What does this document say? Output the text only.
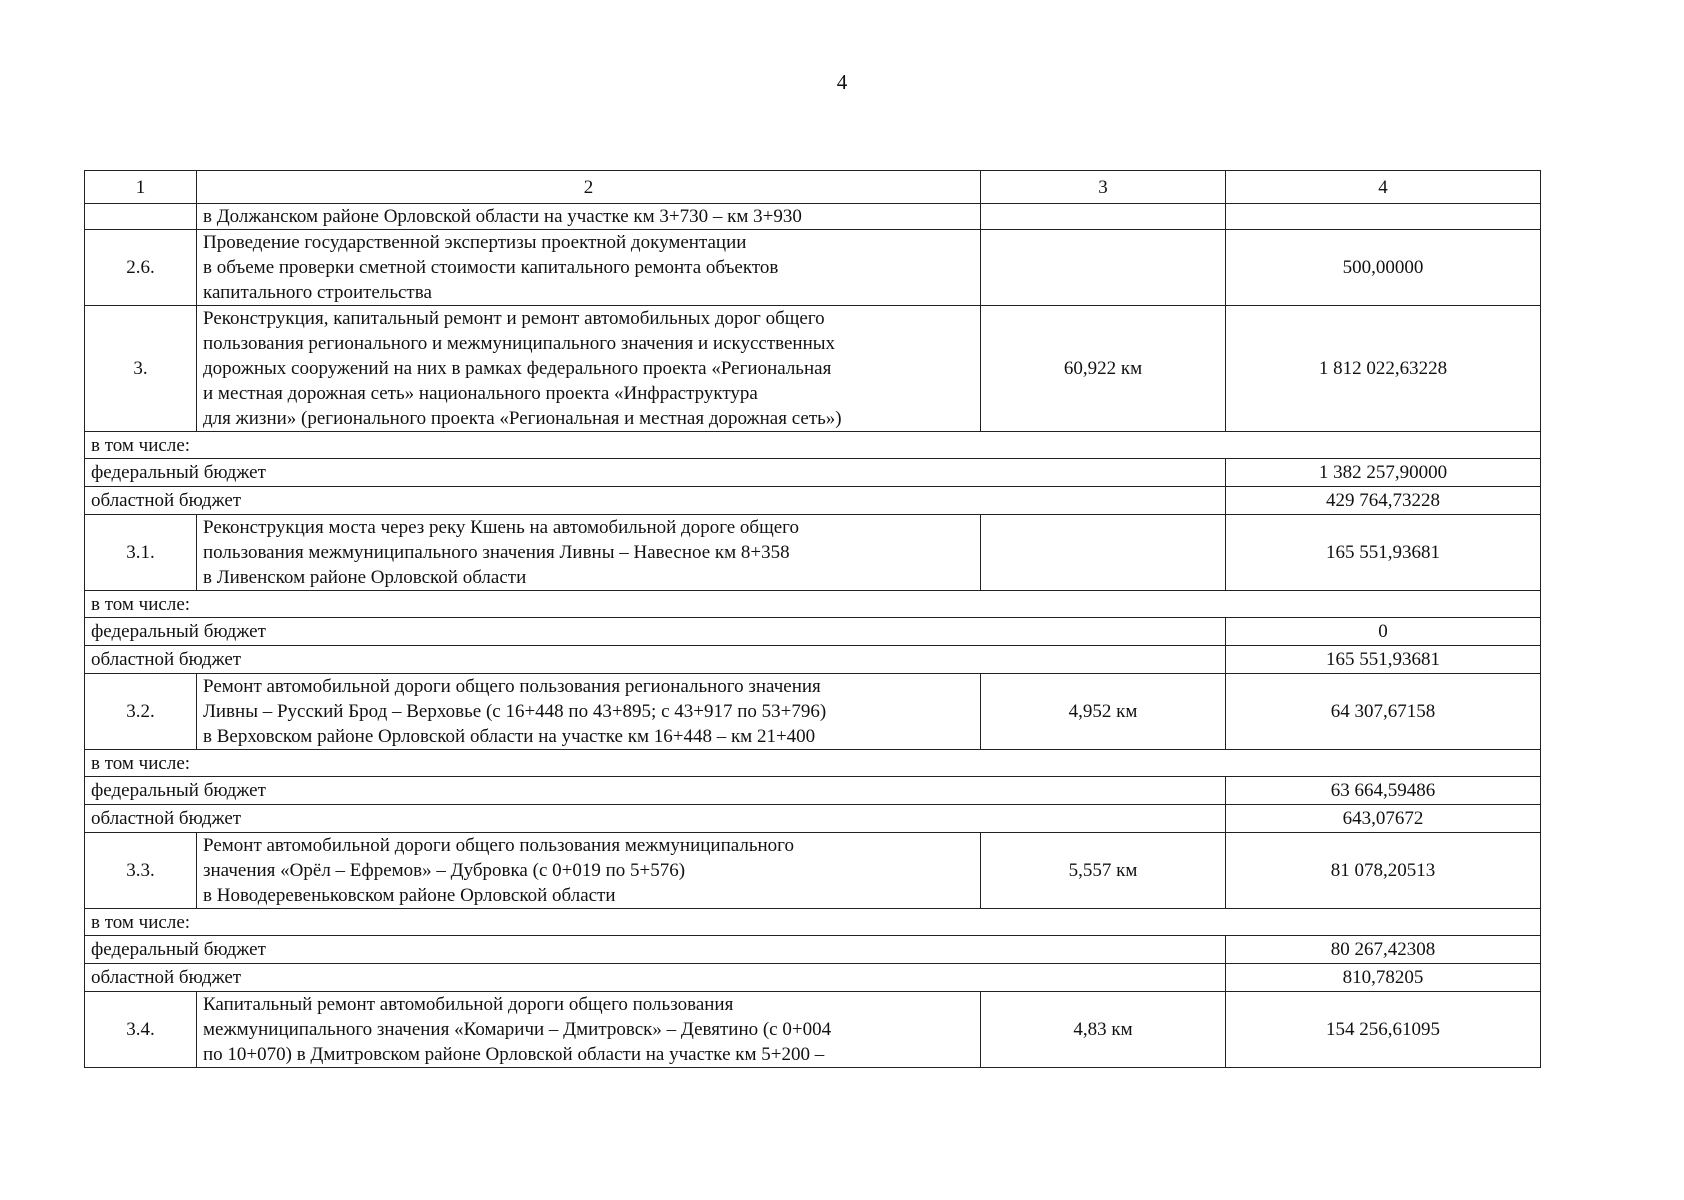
4
1	2	3	4

	в Должанском районе Орловской области на участке км 3+730 – км 3+930		

2.6.	Проведение государственной экспертизы проектной документации
в объеме проверки сметной стоимости капитального ремонта объектов
капитального строительства		500,00000
3.	Реконструкция, капитальный ремонт и ремонт автомобильных дорог общего
пользования регионального и межмуниципального значения и искусственных
дорожных сооружений на них в рамках федерального проекта «Региональная
и местная дорожная сеть» национального проекта «Инфраструктура
для жизни» (регионального проекта «Региональная и местная дорожная сеть»)	60,922 км	1 812 022,63228
в том числе:			
федеральный бюджет			1 382 257,90000
областной бюджет			429 764,73228
3.1.	Реконструкция моста через реку Кшень на автомобильной дороге общего
пользования межмуниципального значения Ливны – Навесное км 8+358
в Ливенском районе Орловской области		165 551,93681
в том числе:			
федеральный бюджет			0
областной бюджет			165 551,93681
3.2.	Ремонт автомобильной дороги общего пользования регионального значения
Ливны – Русский Брод – Верховье (с 16+448 по 43+895; с 43+917 по 53+796)
в Верховском районе Орловской области на участке км 16+448 – км 21+400	4,952 км	64 307,67158
в том числе:			
федеральный бюджет			63 664,59486
областной бюджет			643,07672
3.3.	Ремонт автомобильной дороги общего пользования межмуниципального
значения «Орёл – Ефремов» – Дубровка (с 0+019 по 5+576)
в Новодеревеньковском районе Орловской области	5,557 км	81 078,20513
в том числе:			
федеральный бюджет			80 267,42308
областной бюджет			810,78205
3.4.	Капитальный ремонт автомобильной дороги общего пользования
межмуниципального значения «Комаричи – Дмитровск» – Девятино (с 0+004
по 10+070) в Дмитровском районе Орловской области на участке км 5+200 –	4,83 км	154 256,61095
